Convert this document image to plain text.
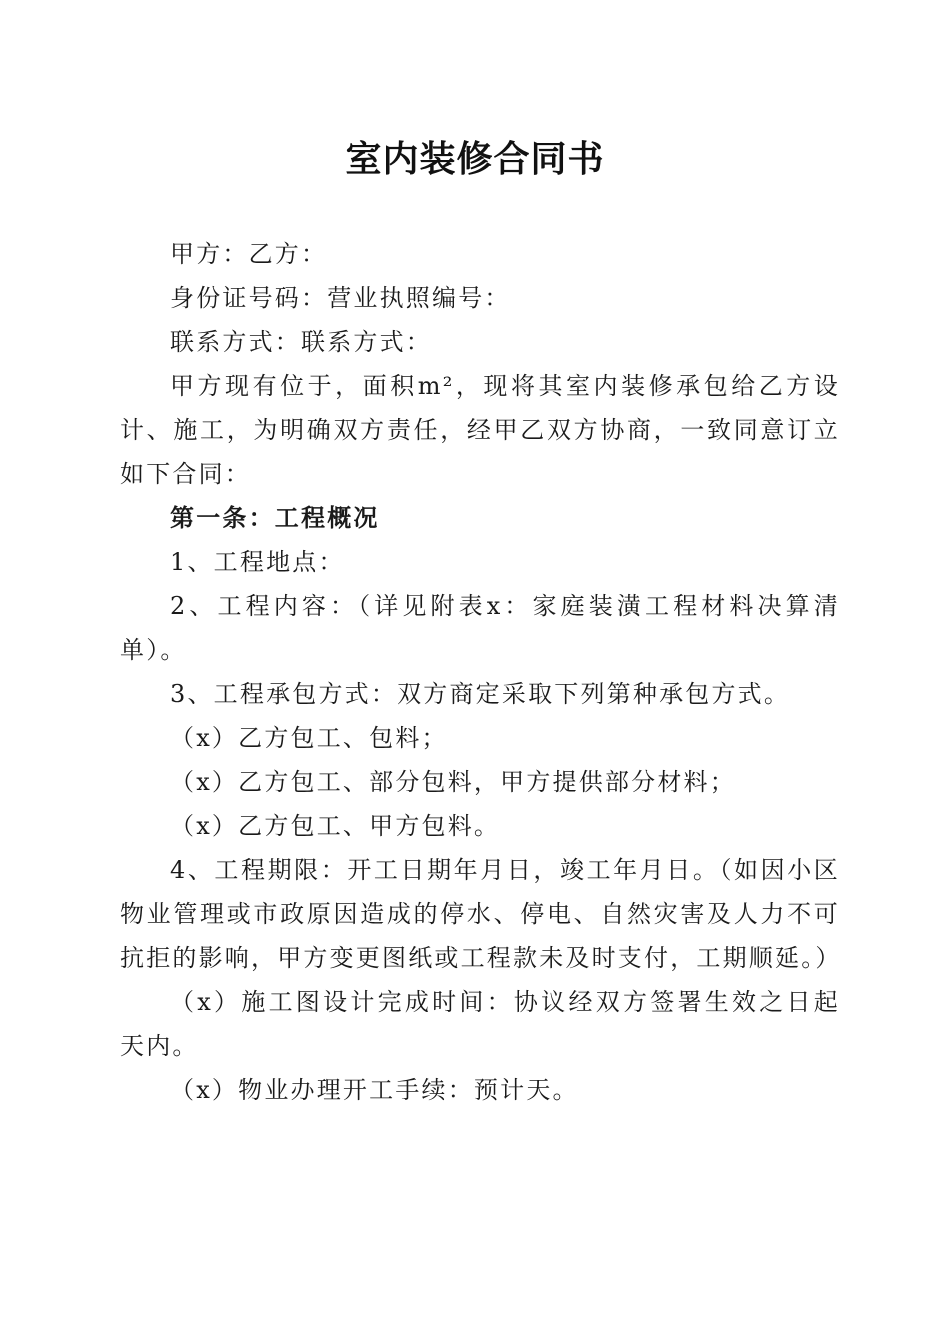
室内装修合同书

甲方：乙方：

身份证号码：营业执照编号：

联系方式：联系方式：

甲方现有位于，面积m²，现将其室内装修承包给乙方设计、施工，为明确双方责任，经甲乙双方协商，一致同意订立如下合同：

第一条：工程概况

1、工程地点：

2、工程内容：（详见附表x：家庭装潢工程材料决算清单）。

3、工程承包方式：双方商定采取下列第种承包方式。

（x）乙方包工、包料；

（x）乙方包工、部分包料，甲方提供部分材料；

（x）乙方包工、甲方包料。

4、工程期限：开工日期年月日，竣工年月日。（如因小区物业管理或市政原因造成的停水、停电、自然灾害及人力不可抗拒的影响，甲方变更图纸或工程款未及时支付，工期顺延。）

（x）施工图设计完成时间：协议经双方签署生效之日起天内。

（x）物业办理开工手续：预计天。
